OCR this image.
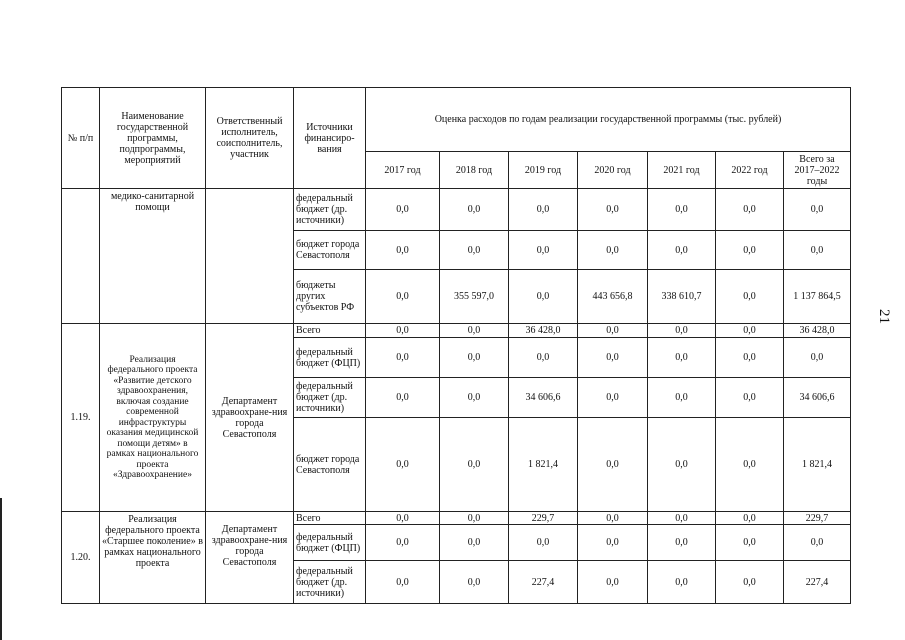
21
№ п/п	Наименование государственной программы, подпрограммы, мероприятий	Ответственный исполнитель, соисполнитель, участник	Источники финансиро-вания	Оценка расходов по годам реализации государственной программы (тыс. рублей)						
				2017 год	2018 год	2019 год	2020 год	2021 год	2022 год	Всего за 2017–2022 годы
	медико-санитарной помощи		федеральный бюджет (др. источники)	0,0	0,0	0,0	0,0	0,0	0,0	0,0
			бюджет города Севастополя	0,0	0,0	0,0	0,0	0,0	0,0	0,0
			бюджеты других субъектов РФ	0,0	355 597,0	0,0	443 656,8	338 610,7	0,0	1 137 864,5
1.19.	Реализация федерального проекта «Развитие детского здравоохранения, включая создание современной инфраструктуры оказания медицинской помощи детям» в рамках национального проекта «Здравоохранение»	Департамент здравоохране-ния города Севастополя	Всего	0,0	0,0	36 428,0	0,0	0,0	0,0	36 428,0
			федеральный бюджет (ФЦП)	0,0	0,0	0,0	0,0	0,0	0,0	0,0
			федеральный бюджет (др. источники)	0,0	0,0	34 606,6	0,0	0,0	0,0	34 606,6
			бюджет города Севастополя	0,0	0,0	1 821,4	0,0	0,0	0,0	1 821,4
1.20.	Реализация федерального проекта «Старшее поколение» в рамках национального проекта	Департамент здравоохране-ния города Севастополя	Всего	0,0	0,0	229,7	0,0	0,0	0,0	229,7
			федеральный бюджет (ФЦП)	0,0	0,0	0,0	0,0	0,0	0,0	0,0
			федеральный бюджет (др. источники)	0,0	0,0	227,4	0,0	0,0	0,0	227,4
